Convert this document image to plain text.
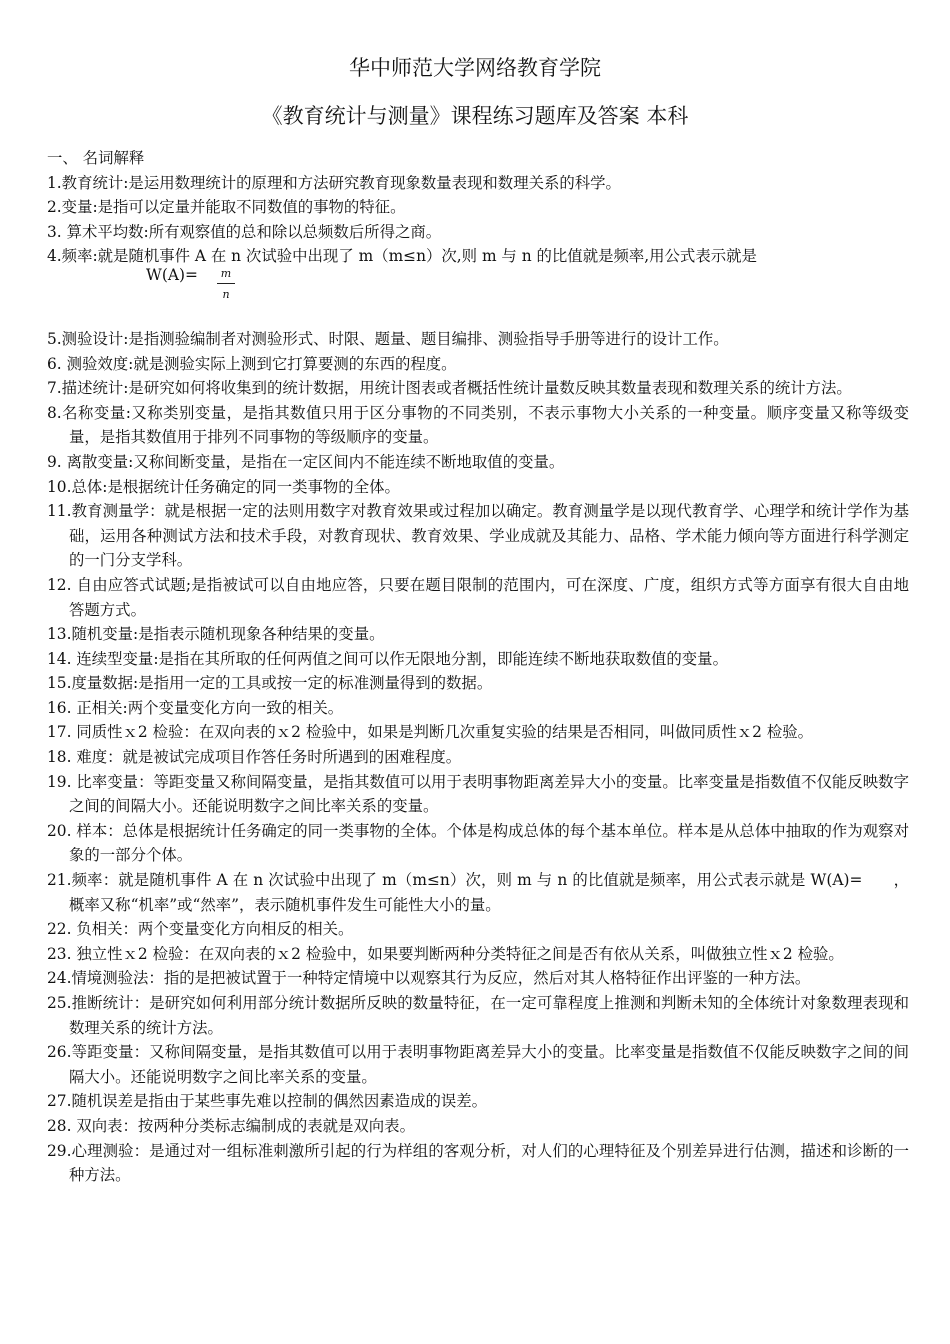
华中师范大学网络教育学院
《教育统计与测量》课程练习题库及答案 本科

一、 名词解释

1.教育统计:是运用数理统计的原理和方法研究教育现象数量表现和数理关系的科学。

2.变量:是指可以定量并能取不同数值的事物的特征。

3. 算术平均数:所有观察值的总和除以总频数后所得之商。

4.频率:就是随机事件 A 在 n 次试验中出现了 m（m≤n）次,则 m 与 n 的比值就是频率,用公式表示就是

$W(A)= \frac{m}{n}$

5.测验设计:是指测验编制者对测验形式、时限、题量、题目编排、测验指导手册等进行的设计工作。

6. 测验效度:就是测验实际上测到它打算要测的东西的程度。

7.描述统计:是研究如何将收集到的统计数据，用统计图表或者概括性统计量数反映其数量表现和数理关系的统计方法。

8.名称变量:又称类别变量，是指其数值只用于区分事物的不同类别，不表示事物大小关系的一种变量。顺序变量又称等级变量，是指其数值用于排列不同事物的等级顺序的变量。

9. 离散变量:又称间断变量，是指在一定区间内不能连续不断地取值的变量。

10.总体:是根据统计任务确定的同一类事物的全体。

11.教育测量学：就是根据一定的法则用数字对教育效果或过程加以确定。教育测量学是以现代教育学、心理学和统计学作为基础，运用各种测试方法和技术手段，对教育现状、教育效果、学业成就及其能力、品格、学术能力倾向等方面进行科学测定的一门分支学科。

12. 自由应答式试题;是指被试可以自由地应答，只要在题目限制的范围内，可在深度、广度，组织方式等方面享有很大自由地答题方式。

13.随机变量:是指表示随机现象各种结果的变量。

14. 连续型变量:是指在其所取的任何两值之间可以作无限地分割，即能连续不断地获取数值的变量。

15.度量数据:是指用一定的工具或按一定的标准测量得到的数据。

16. 正相关:两个变量变化方向一致的相关。

17. 同质性ｘ2 检验：在双向表的ｘ2 检验中，如果是判断几次重复实验的结果是否相同，叫做同质性ｘ2 检验。

18. 难度：就是被试完成项目作答任务时所遇到的困难程度。

19. 比率变量：等距变量又称间隔变量，是指其数值可以用于表明事物距离差异大小的变量。比率变量是指数值不仅能反映数字之间的间隔大小。还能说明数字之间比率关系的变量。

20. 样本：总体是根据统计任务确定的同一类事物的全体。个体是构成总体的每个基本单位。样本是从总体中抽取的作为观察对象的一部分个体。

21.频率：就是随机事件 A 在 n 次试验中出现了 m（m≤n）次，则 m 与 n 的比值就是频率，用公式表示就是 W(A)=　　，概率又称“机率”或“然率”，表示随机事件发生可能性大小的量。

22. 负相关：两个变量变化方向相反的相关。

23. 独立性ｘ2 检验：在双向表的ｘ2 检验中，如果要判断两种分类特征之间是否有依从关系，叫做独立性ｘ2 检验。

24.情境测验法：指的是把被试置于一种特定情境中以观察其行为反应，然后对其人格特征作出评鉴的一种方法。

25.推断统计：是研究如何利用部分统计数据所反映的数量特征，在一定可靠程度上推测和判断未知的全体统计对象数理表现和数理关系的统计方法。

26.等距变量：又称间隔变量，是指其数值可以用于表明事物距离差异大小的变量。比率变量是指数值不仅能反映数字之间的间隔大小。还能说明数字之间比率关系的变量。

27.随机误差是指由于某些事先难以控制的偶然因素造成的误差。

28. 双向表：按两种分类标志编制成的表就是双向表。

29.心理测验：是通过对一组标准刺激所引起的行为样组的客观分析，对人们的心理特征及个别差异进行估测，描述和诊断的一种方法。
